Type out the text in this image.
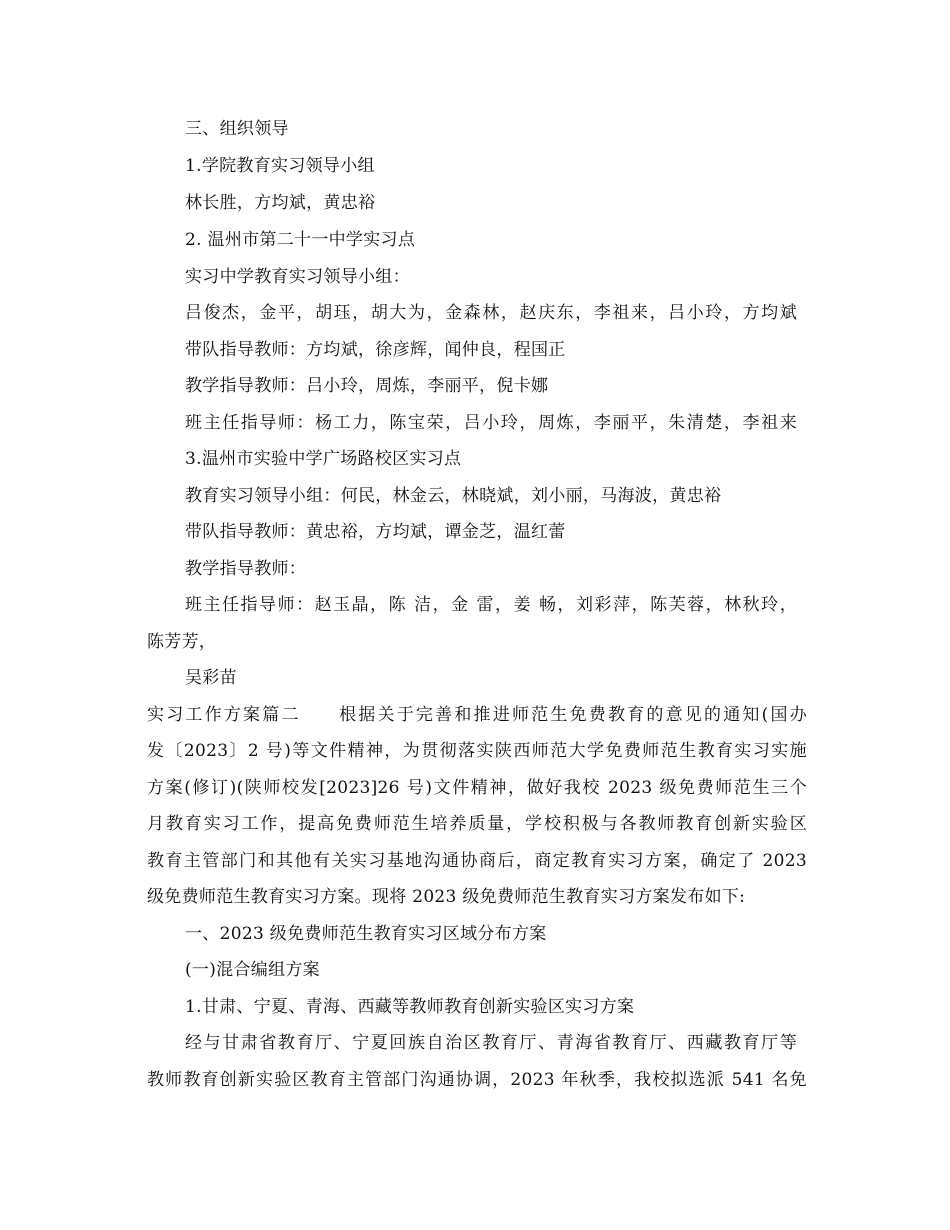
三、组织领导
1.学院教育实习领导小组
林长胜，方均斌，黄忠裕
2. 温州市第二十一中学实习点
实习中学教育实习领导小组：
吕俊杰，金平，胡珏，胡大为，金森林，赵庆东，李祖来，吕小玲，方均斌
带队指导教师：方均斌，徐彦辉，闻仲良，程国正
教学指导教师：吕小玲，周炼，李丽平，倪卡娜
班主任指导师：杨工力，陈宝荣，吕小玲，周炼，李丽平，朱清楚，李祖来
3.温州市实验中学广场路校区实习点
教育实习领导小组：何民，林金云，林晓斌，刘小丽，马海波，黄忠裕
带队指导教师：黄忠裕，方均斌，谭金芝，温红蕾
教学指导教师：
班主任指导师：赵玉晶，陈 洁，金 雷，姜 畅，刘彩萍，陈芙蓉，林秋玲，
陈芳芳，
吴彩苗
实习工作方案篇二　　根据关于完善和推进师范生免费教育的意见的通知(国办
发〔2023〕2 号)等文件精神，为贯彻落实陕西师范大学免费师范生教育实习实施
方案(修订)(陕师校发[2023]26 号)文件精神，做好我校 2023 级免费师范生三个
月教育实习工作，提高免费师范生培养质量，学校积极与各教师教育创新实验区
教育主管部门和其他有关实习基地沟通协商后，商定教育实习方案，确定了 2023
级免费师范生教育实习方案。现将 2023 级免费师范生教育实习方案发布如下:
一、2023 级免费师范生教育实习区域分布方案
(一)混合编组方案
1.甘肃、宁夏、青海、西藏等教师教育创新实验区实习方案
经与甘肃省教育厅、宁夏回族自治区教育厅、青海省教育厅、西藏教育厅等
教师教育创新实验区教育主管部门沟通协调，2023 年秋季，我校拟选派 541 名免
